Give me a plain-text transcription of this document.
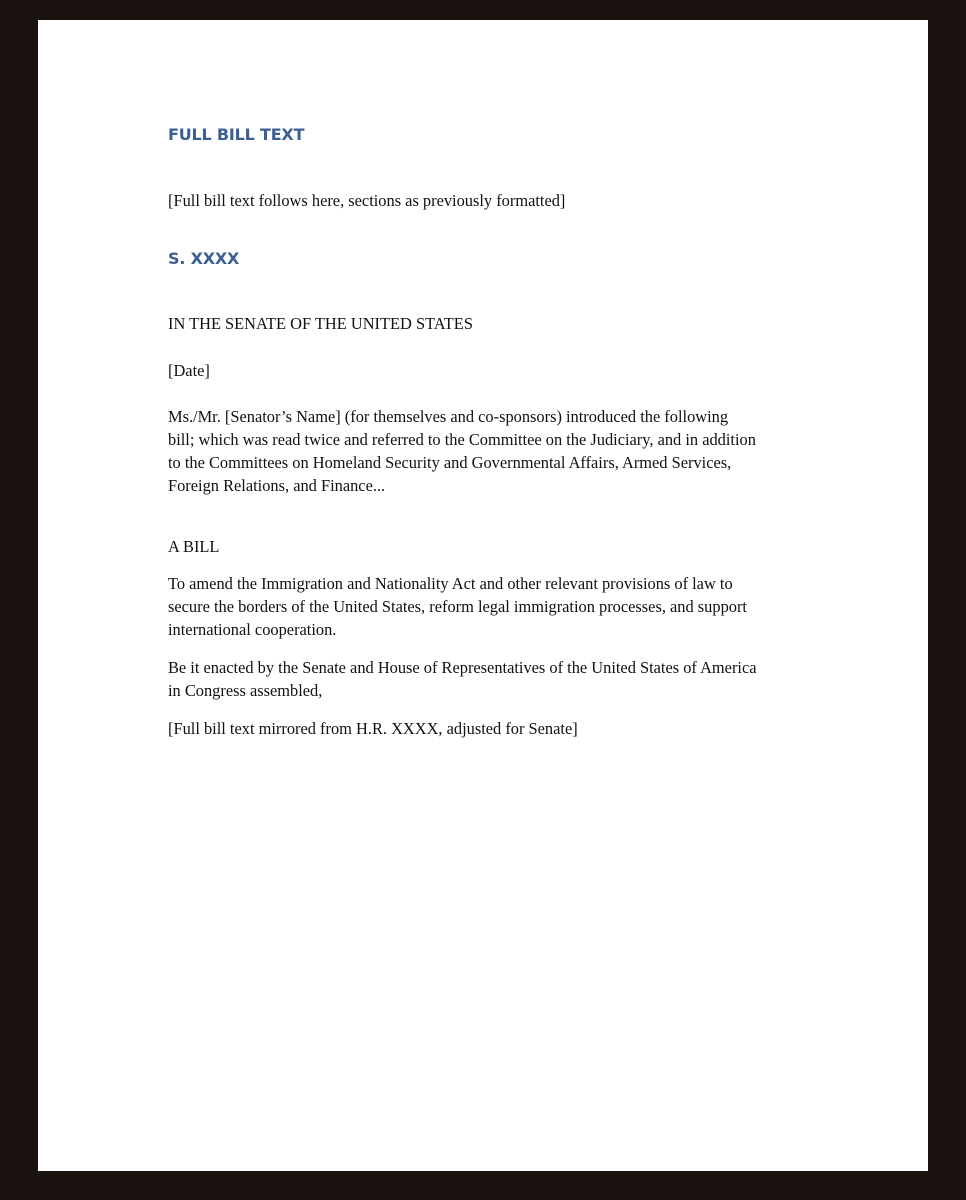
FULL BILL TEXT

[Full bill text follows here, sections as previously formatted]

S. XXXX

IN THE SENATE OF THE UNITED STATES

[Date]

Ms./Mr. [Senator’s Name] (for themselves and co-sponsors) introduced the following
bill; which was read twice and referred to the Committee on the Judiciary, and in addition
to the Committees on Homeland Security and Governmental Affairs, Armed Services,
Foreign Relations, and Finance...

A BILL

To amend the Immigration and Nationality Act and other relevant provisions of law to
secure the borders of the United States, reform legal immigration processes, and support
international cooperation.

Be it enacted by the Senate and House of Representatives of the United States of America
in Congress assembled,

[Full bill text mirrored from H.R. XXXX, adjusted for Senate]
